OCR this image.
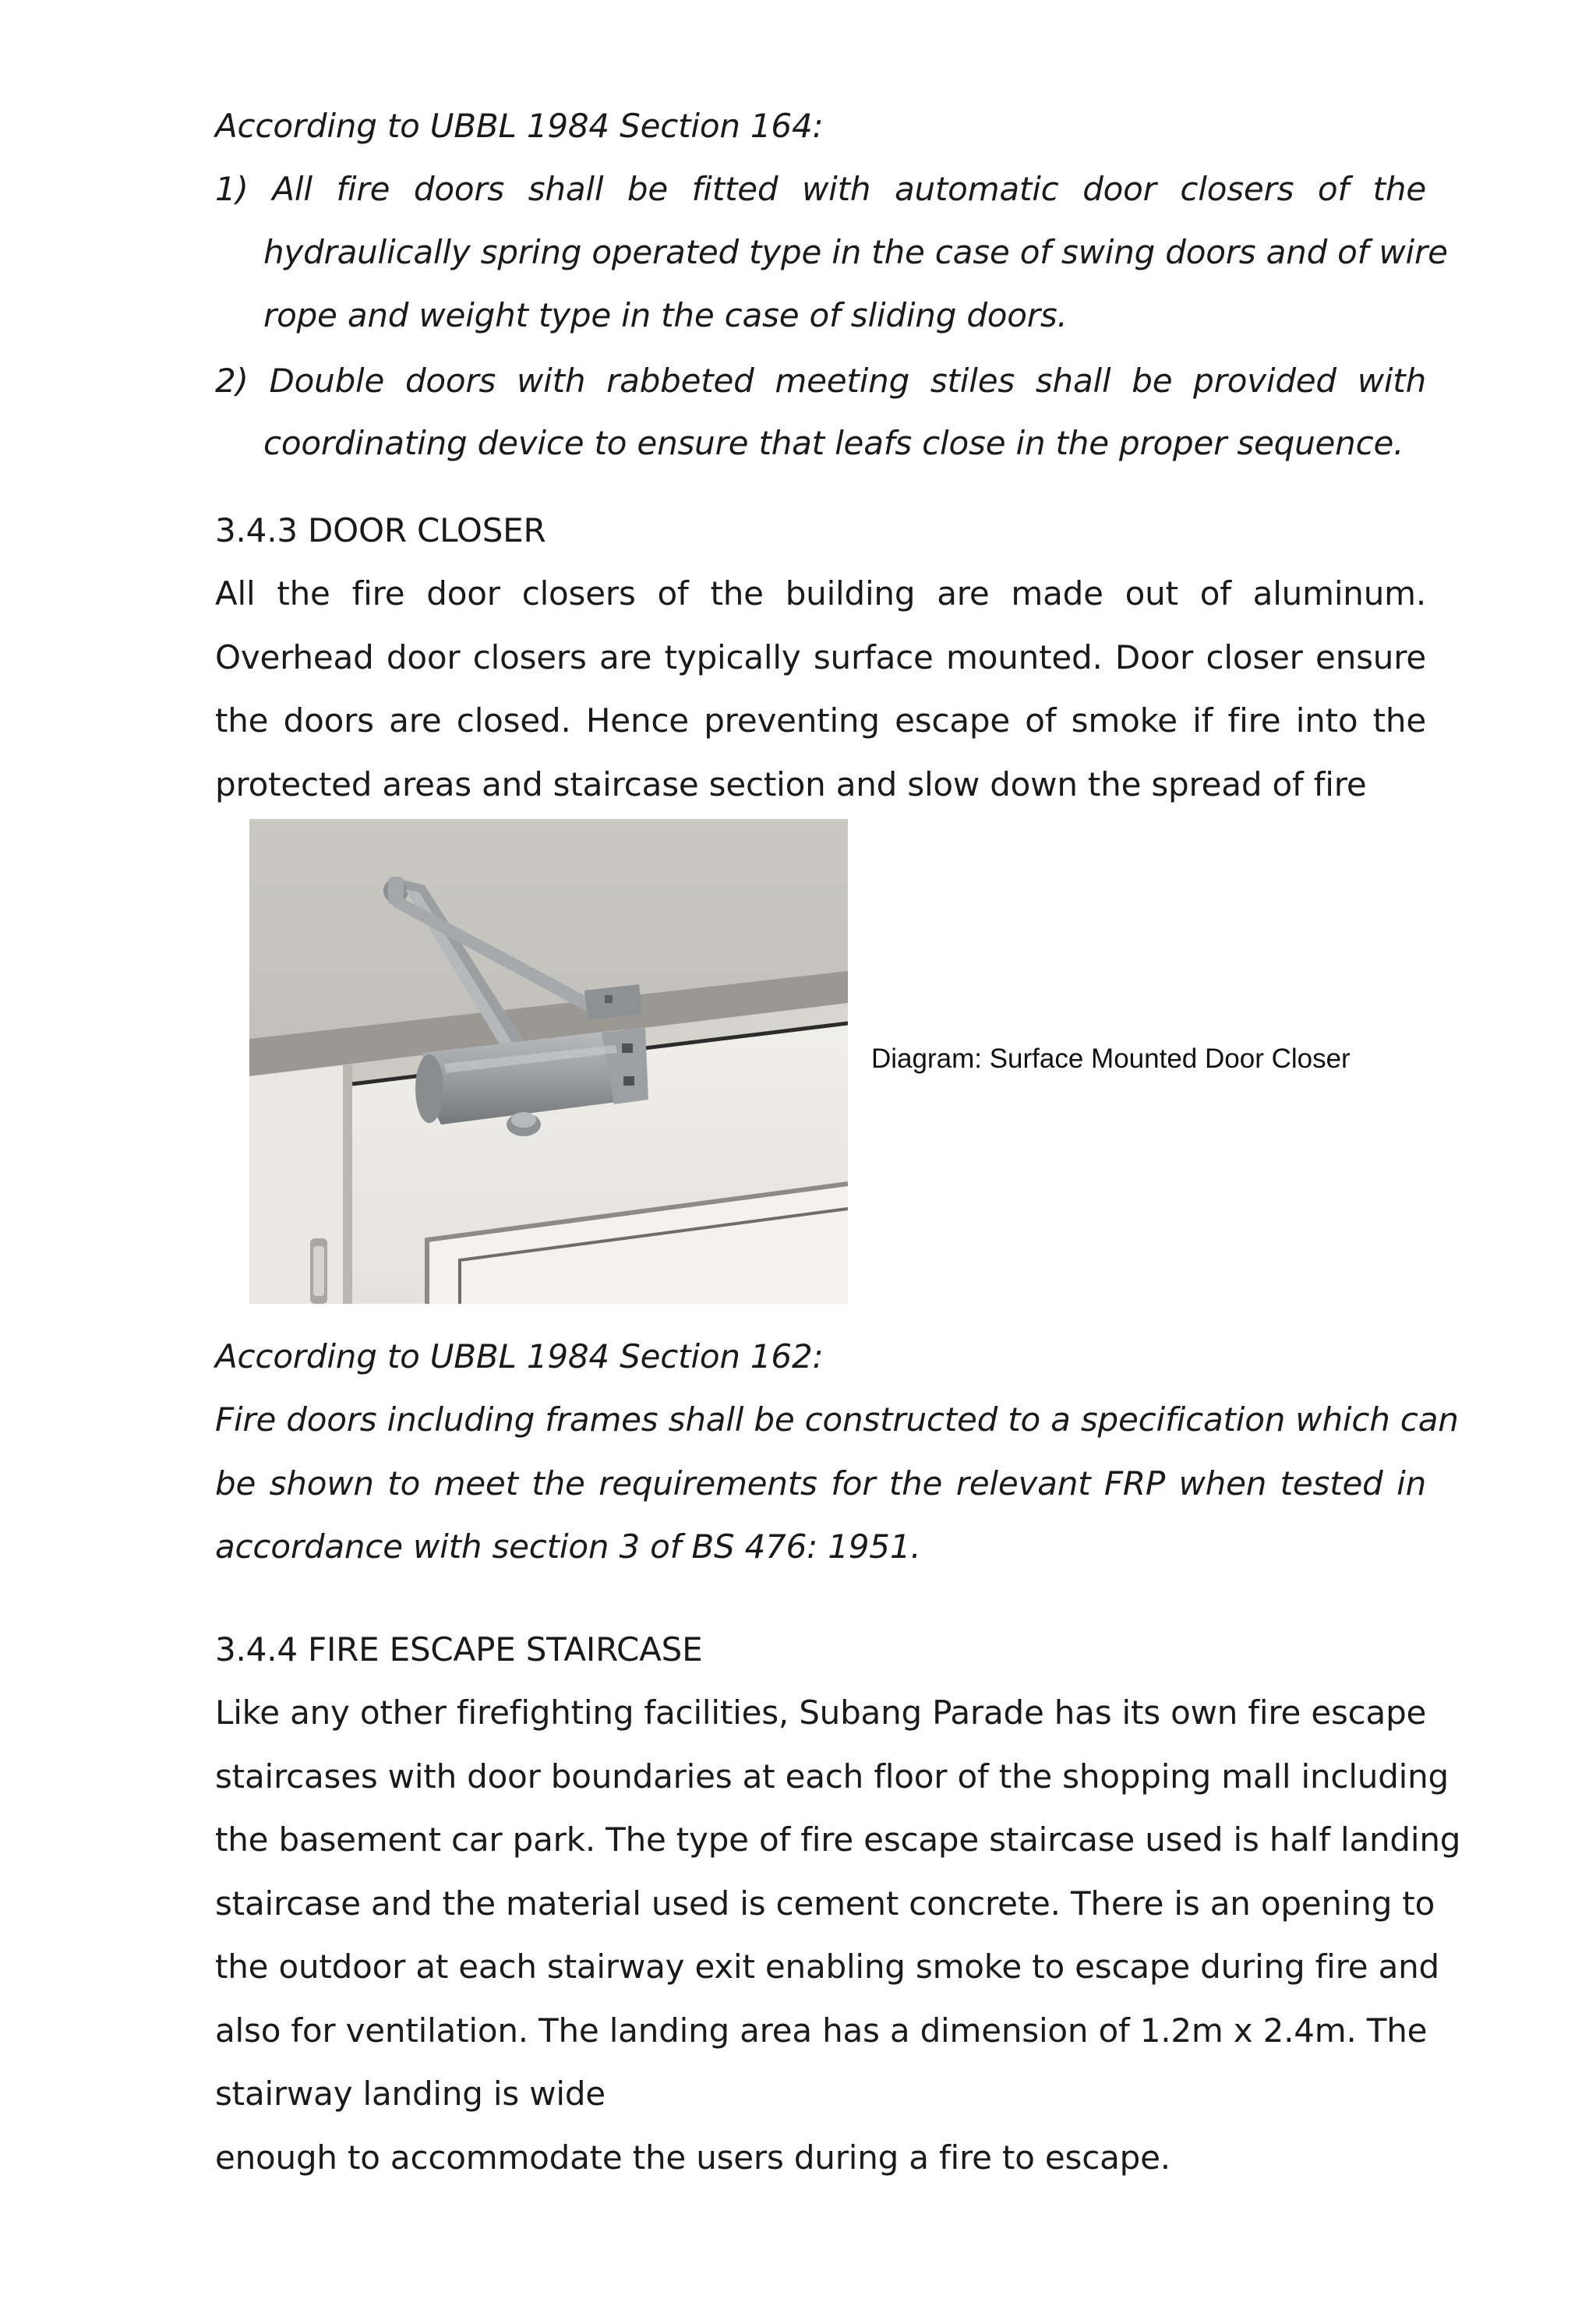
According to UBBL 1984 Section 164:
1) All fire doors shall be fitted with automatic door closers of the
hydraulically spring operated type in the case of swing doors and of wire
rope and weight type in the case of sliding doors.
2) Double doors with rabbeted meeting stiles shall be provided with
coordinating device to ensure that leafs close in the proper sequence.
3.4.3 DOOR CLOSER
All the fire door closers of the building are made out of aluminum.
Overhead door closers are typically surface mounted. Door closer ensure
the doors are closed. Hence preventing escape of smoke if fire into the
protected areas and staircase section and slow down the spread of fire
According to UBBL 1984 Section 162:
Fire doors including frames shall be constructed to a specification which can
be shown to meet the requirements for the relevant FRP when tested in
accordance with section 3 of BS 476: 1951.
3.4.4 FIRE ESCAPE STAIRCASE
Like any other firefighting facilities, Subang Parade has its own fire escape
staircases with door boundaries at each floor of the shopping mall including
the basement car park. The type of fire escape staircase used is half landing
staircase and the material used is cement concrete. There is an opening to
the outdoor at each stairway exit enabling smoke to escape during fire and
also for ventilation. The landing area has a dimension of 1.2m x 2.4m. The
stairway landing is wide
enough to accommodate the users during a fire to escape.
Diagram: Surface Mounted Door Closer
